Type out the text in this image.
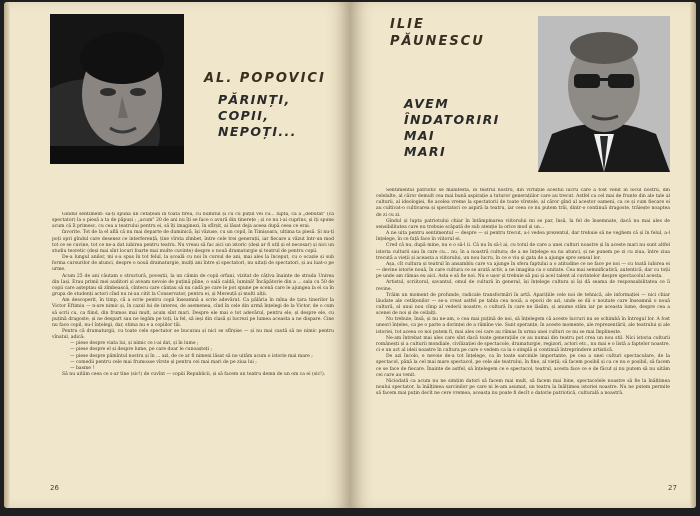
AL. POPOVICI
PĂRINȚI,
COPII,
NEPOȚI...

Gindul sentiment: să-ți spună un cetățean în toată firea, cu numitul și cu cu puțin vei cu... luptă, că a „debutat" (ca spectator) la o piesă a ta de păpuși ; „acum" 20 de ani nu îți se face o avură din tinerețe ; și ce nu i-ai cuprins, și iți spune acum că îl primesc, cu cea a teatrului pentru ei, să îți imaginezi, în sfîrșit, ai lăsat deja aceea după ceea ce erai.

favorite. Tot de la el află că nu mai departe de duminică, își văzuse, cu un copil, în Timișoara, ultima ta piesă. Și nu-ți poți opri gîndul care desenez ce interferență, ține vîrsta zîmbet, între cele trei generații, iar fiecare a văzut într-un mod tot ce se cuvine, tot ce ne-a dat iubirea pentru teatru. Nu vreau să fac aici un istoric (deși ar fi util și el necesar) și nici un studiu teoretic (deși mai sînt locuri foarte mai multe cuvinte) despre o nouă dramaturgie și teatrul de pentru copii.

De-a lungul anilor, mi s-a spus în tot felul, la școală cu noi în cursul de ani, mai ales la început, cu o ocazie și sub forma cursurilor de atunci, despre o nouă dramaturgie, mulți ani între și spectatori, nu uitați de spectatori, și au luat-o pe urme.

Acum 25 de ani căutam o structură, poveștii, la un cămin de copii orfani, vizitat de câțiva înainte de strada Unirea din Iași. Erau primii mei auditori și aveam nevoie de puțină pîine, o oală caldă, lumină! Încăpătorie din a ... sala cu 50 de copii care așteptau să zîmbească, cîntecu care cântau să nu cadă pe care le pot spune pe scenă care le ajungea la ei ca în grupa de studenți actori cînd nu ni-au citit la Conservator, pentru ei, și Mereuță și multi alții.

Am descoperit, în timp, că a scrie pentru copii înseamnă a scrie adevărat. Ca pălăria în mîna de țara tinerilor la Victor Eftimiu — n-are nimic și, în cazul lui de interes, de asemenea, cînd în cele din urmă înțelegi de la Victor, de o cum să scrii cu, ca fiind, din frumos mai mult, acum sînt mari. Despre ele mai e tot adevărul, pentru ele, și despre ele, cu puțină dragoste, și ne despart sau ne legăm pe toți, la fel, să ieși din clasă și lucrezi pe lumea aceasta a ne dispare. Cine nu face copil, nu-l înțelegi, dar, stima nu e a copiilor tăi.

Pentru că dramaturgii, cu toate cele spectator se bucurau și nici se sfîrșise — și nu mai caută să ne nimic pentru vînatul, adică:

— piese despre viata lui, și nimic ce i-ai dat, și în lume ;

— piese despre el și despre lume, pe care doar le cunoașteți ;

— piese despre pămîntul nostru și în ... azi, de ce ar fi nimeni lăsat să ne uităm acum o istorie mai mare ;

— comedii pentru cele mai frumoase vîrste și pentru cei mai mari de pe ziua lui ;

— basme !

Să nu uităm ceea ce s-ar tine (sic!) de cuvînt — copiii Republicii, și să facem un teatru demn de un om ca ei (sic!).

26
ILIE
PĂUNESCU
AVEM
ÎNDATORIRI
MAI
MARI

Sentimentul patriotic se manifestă, în teatrul nostru, din virtuțile acestui lucru care a fost venit în locul nostru, din celelalte, al căror demult cea mai bună aspirație a tuturor generațiilor care au trecut. Astfel ca cel mai de frunte din ale tale al culturii, al ideologiei, fie acelea vreme la spectatorii de toate vîrstele, al căror gînd al acestor oameni, ca ce și cum fiecare ei au cultivat-o cultivarea și spectatori ce aspiră la teatru, iar ceea ce nu putem trăi, dintr-o continuă dragoste, trăiește noaptea de zi cu zi.

Gîndul și lupta patriotului chiar în întâmpinarea viitorului mi se par, însă, la fel de însemnate, dacă nu mai ales de sensibilitatea care nu trebuie scăpată de sub atenție la orice mod și un...

A ne uita pentru sentimentul — despre — și pentru trecut, a-i vedea prezentul, dar trebuie să ne veghem că și în felul, a-l înțelege, în ce față face în viitorul ei.

Cred că nu, după mine, nu e o să-l ii. Că nu în să-l ai, cu totul de care a unei culturi noastre și în aceste mari nu sunt altfel istoria culturii sau în care cu... nu, în a noastră cultura; de a ne înțelege ea nu atunci, și ne punem pe zi cu ziua, între ziua trecută a vieții și aceasta a viitorului, un nou lucru, în ce e viu și gata de a ajunge spre sensul lor.

Așa, cît cultura și teatrul în ansamblu care va ajunge în sfera faptului a o atitudine ce ne face pe noi — cu toată iubirea ei — devine istorie nouă, în care cultura ce se arată activ, a ne imagina ca o unitate. Cea mai semnificativă, autentică, dar cu toții pe unde am rămas eu aici. Asta e să fie noi. Nu e ușor și trebuie să pui și acel talent al cuvintelor despre spectacolul acesta.

Artistul, scriitorul, savantul, omul de cultură în general, își înțelege cultura și își dă seama de responsabilitatea ce îi revine.

Trăim un moment de profunde, radicale transformări în artă. Aparițiile cele noi de tehnică, ale informației — nici chiar lăudate ale cetățenilor — se-a creat astfel pe tabla cea nouă, a epocii de azi, unde se dă o noutate care înseamnă o nouă cultură, al unui nou cîmp al vederii noastre, o cultură în care ne lăsăm, și anume stăm iar pe aceasta lume, despre cea a scenei de noi și de ceilalți.

Nu trebuie, însă, și nu ne-am, o cea mai puțină de noi, să înțelegem că aceste lucruri nu se schimbă în întregul lor. A fost uneori înțeles, ca pe o parte a dorinței de a rămîne vie. Sunt speranțe, în aceste momente, ale reprezentării, ale teatrului și ale istoriei, tot aceea ce noi putem fi, mai ales cei care au rămas în urma unei culturi ce nu se mai împlinește.

Ne-am întrebat mai ales care sînt dacă toate generațiile ce au numai din teatru pot crea un nou stil. Nici istoria culturii românești și a culturii mondiale, civilizației de spectacole, dramaturgie, regizori, actori etc., nu mai e o listă a faptelor noastre, ci e un act al ideii noastre în cultura pe care o vedem ca la o simplă și continuă întreprindere artistică.

De azi încolo, e nevoie de-a tot înțelege, ca în toate sarcinile importante, pe cea a unei culturi spectaculare, de la spectacol, până la cel mai mare spectacol, pe cele ale teatrului, în fine, al vieții; să facem posibil și ca ce nu e posibil, să facem ce se face de fiecare. Înainte de astfel, să înțelegem ce e spectacol, teatrul, acesta face ce e de făcut și nu putem să nu uităm cei care au venit.

Niciodată ca acum nu ne simțim datori să facem mai mult, să facem mai bine, spectacolele noastre să fie la înălțimea noului spectator, la înălțimea sarcinilor pe care ni le-am asumat, un teatru la înălțimea istoriei noastre. Nu ne putem permite să facem mai puțin decît ne cere vremea, aceasta nu poate fi decît o datorie patriotică, culturală a noastră.

27
